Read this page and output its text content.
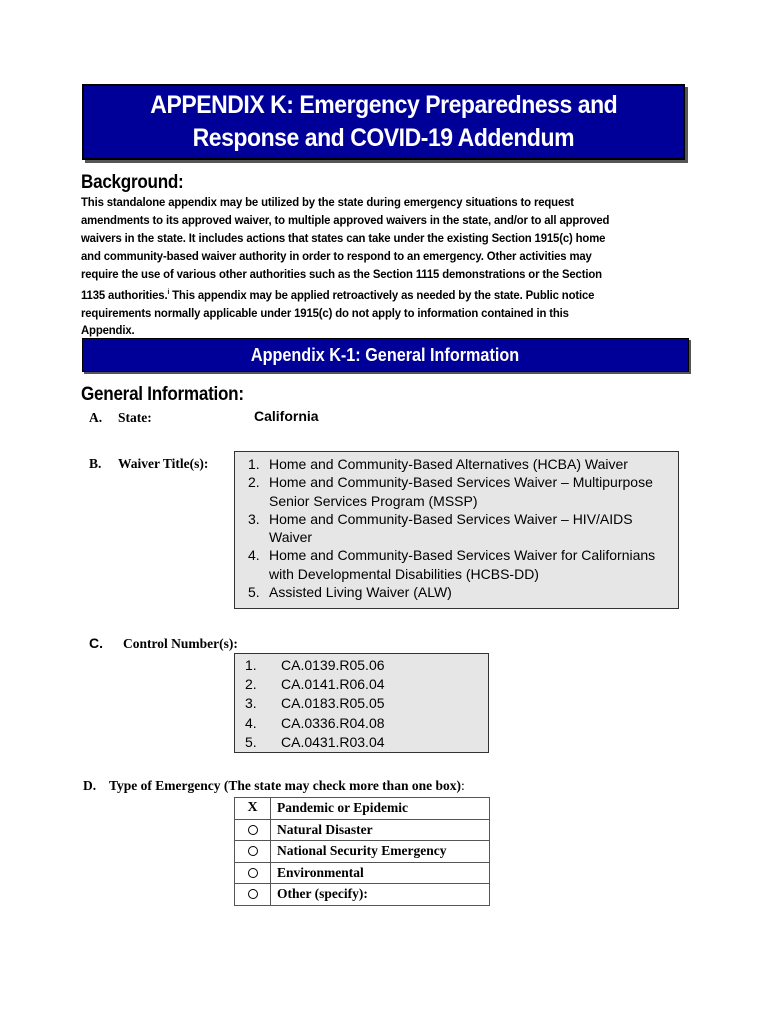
APPENDIX K: Emergency Preparedness and
Response and COVID-19 Addendum
Background:
This standalone appendix may be utilized by the state during emergency situations to request
amendments to its approved waiver, to multiple approved waivers in the state, and/or to all approved
waivers in the state. It includes actions that states can take under the existing Section 1915(c) home
and community-based waiver authority in order to respond to an emergency. Other activities may
require the use of various other authorities such as the Section 1115 demonstrations or the Section
1135 authorities.$^i$ This appendix may be applied retroactively as needed by the state. Public notice
requirements normally applicable under 1915(c) do not apply to information contained in this
Appendix.
Appendix K-1: General Information
General Information:
A. State:	California
B. Waiver Title(s):	1. Home and Community-Based Alternatives (HCBA) Waiver
2. Home and Community-Based Services Waiver – Multipurpose
Senior Services Program (MSSP)
3. Home and Community-Based Services Waiver – HIV/AIDS
Waiver
4. Home and Community-Based Services Waiver for Californians
with Developmental Disabilities (HCBS-DD)
5. Assisted Living Waiver (ALW)
C. Control Number(s):
1.	CA.0139.R05.06
2.	CA.0141.R06.04
3.	CA.0183.R05.05
4.	CA.0336.R04.08
5.	CA.0431.R03.04
D. Type of Emergency (The state may check more than one box):
X	Pandemic or Epidemic
	Natural Disaster
	National Security Emergency
	Environmental
	Other (specify):
